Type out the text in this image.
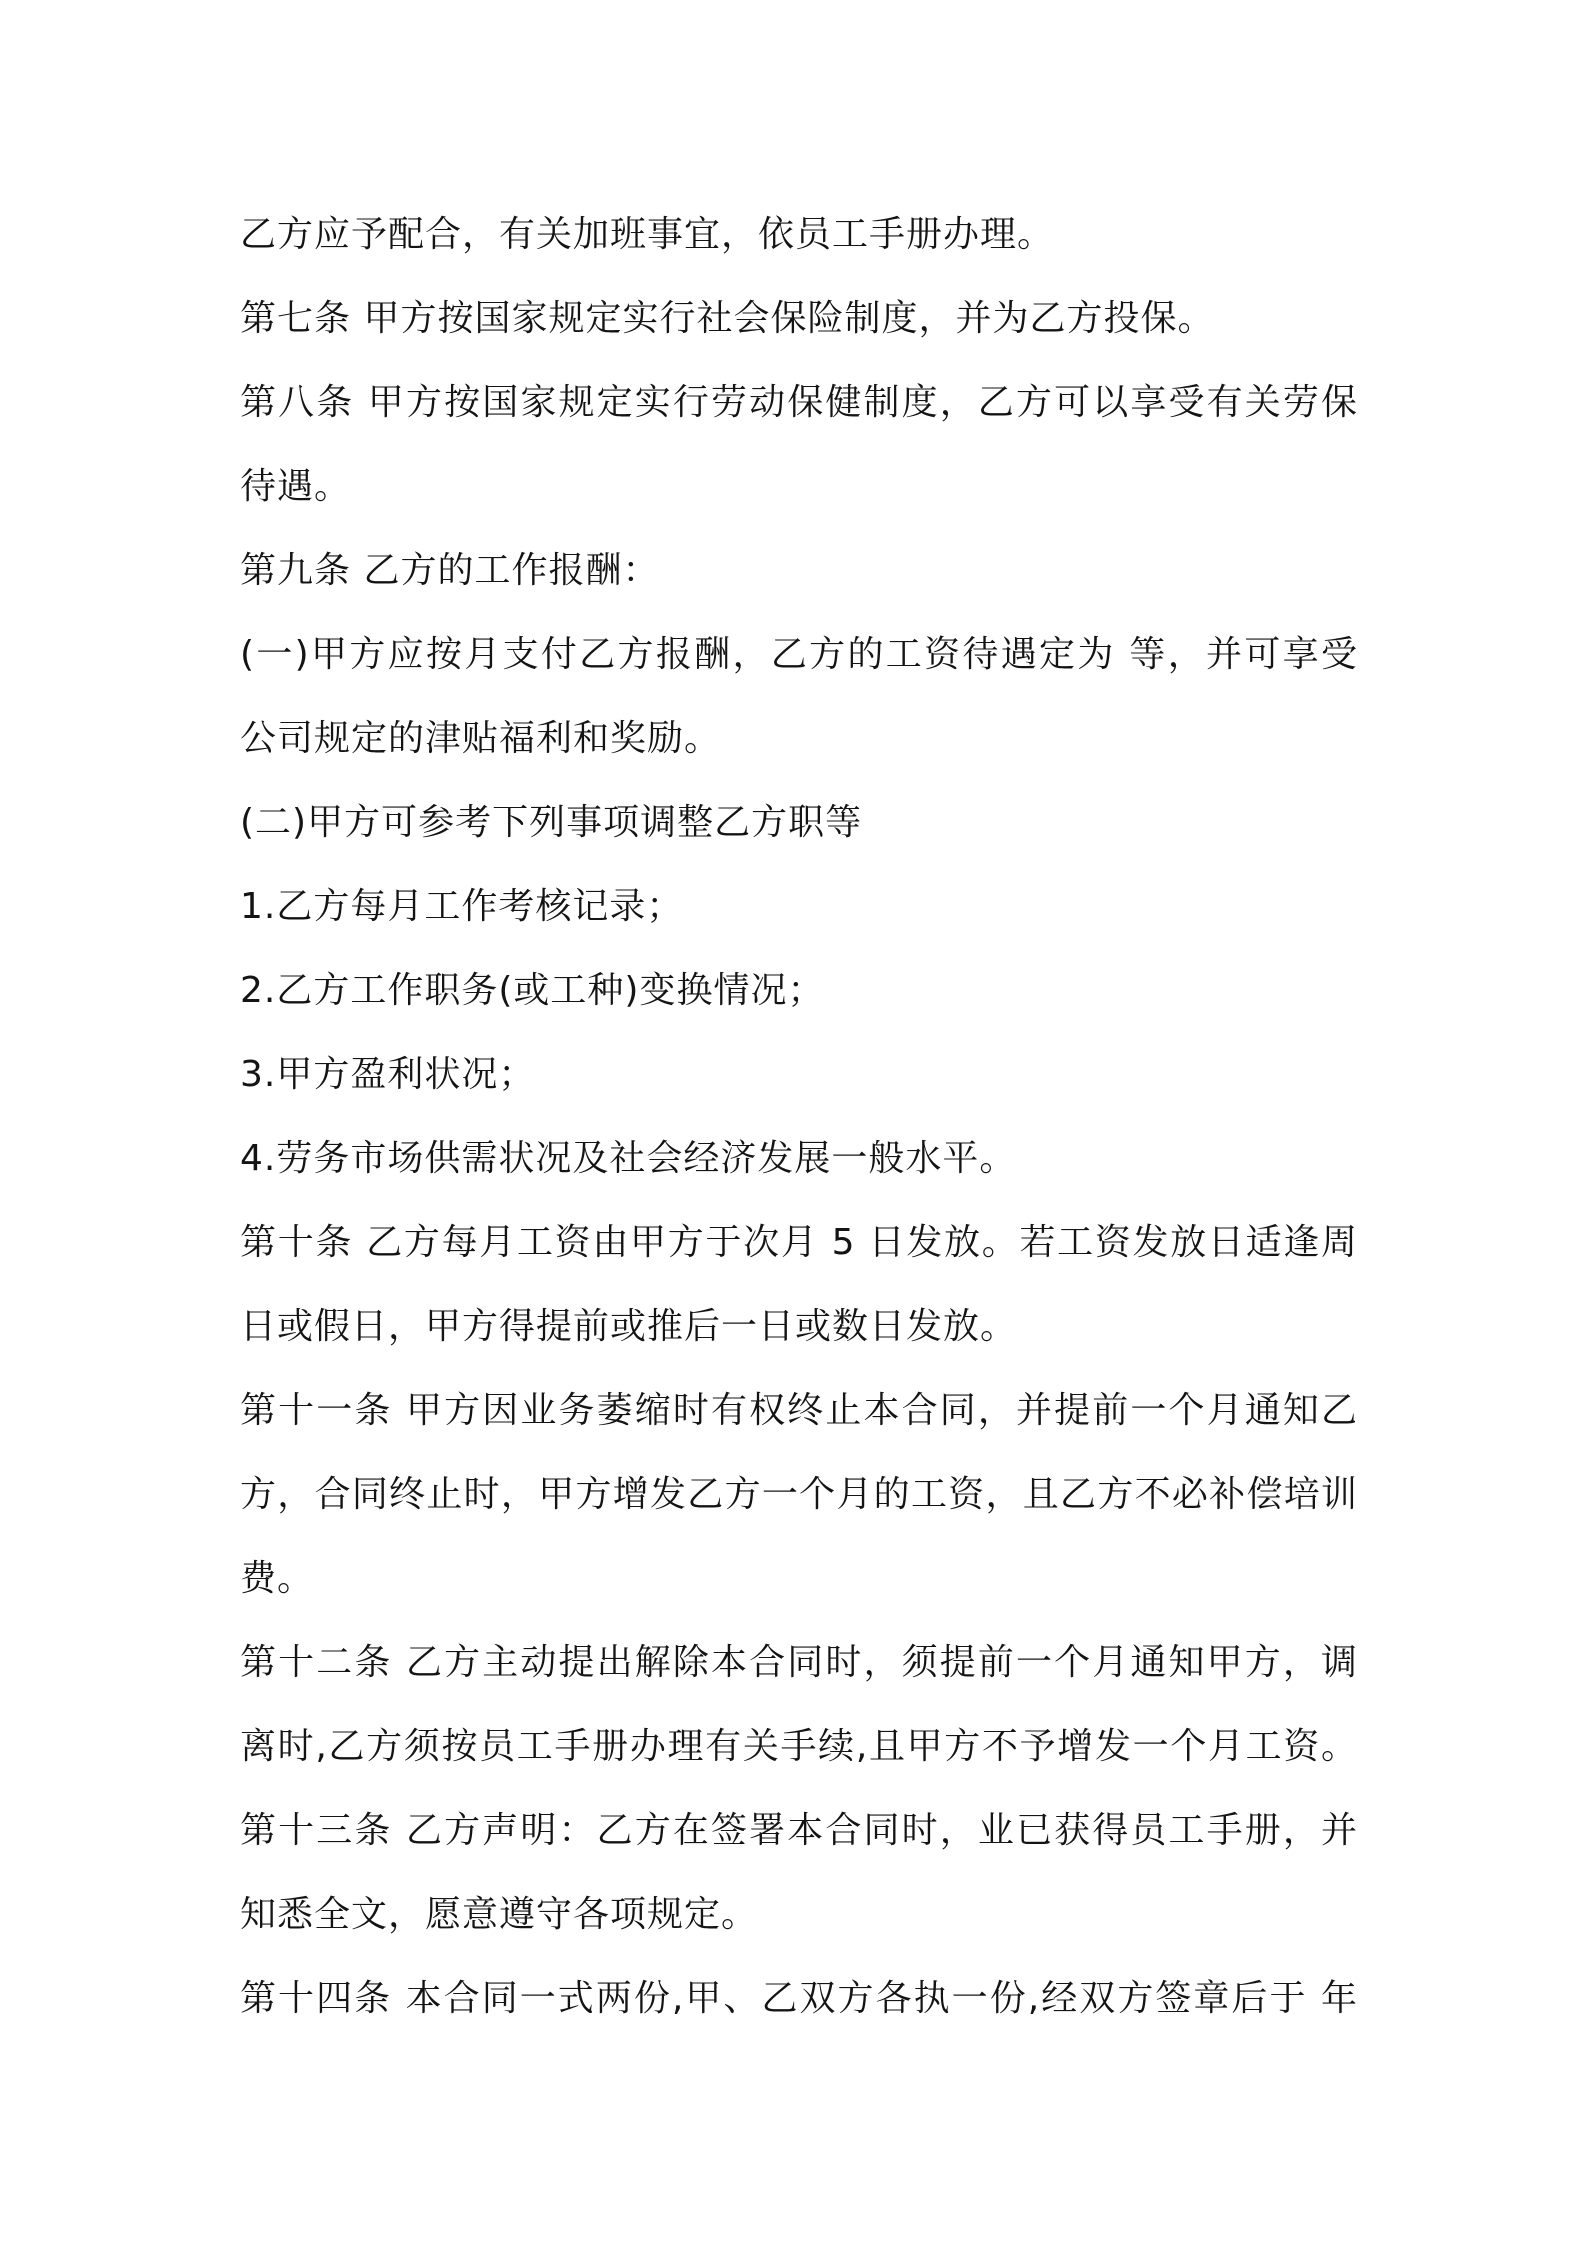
乙方应予配合，有关加班事宜，依员工手册办理。
第七条 甲方按国家规定实行社会保险制度，并为乙方投保。
第八条 甲方按国家规定实行劳动保健制度，乙方可以享受有关劳保
待遇。
第九条 乙方的工作报酬：
(一)甲方应按月支付乙方报酬，乙方的工资待遇定为 等，并可享受
公司规定的津贴福利和奖励。
(二)甲方可参考下列事项调整乙方职等
1.乙方每月工作考核记录；
2.乙方工作职务(或工种)变换情况；
3.甲方盈利状况；
4.劳务市场供需状况及社会经济发展一般水平。
第十条 乙方每月工资由甲方于次月 5 日发放。若工资发放日适逢周
日或假日，甲方得提前或推后一日或数日发放。
第十一条 甲方因业务萎缩时有权终止本合同，并提前一个月通知乙
方，合同终止时，甲方增发乙方一个月的工资，且乙方不必补偿培训
费。
第十二条 乙方主动提出解除本合同时，须提前一个月通知甲方，调
离时,乙方须按员工手册办理有关手续,且甲方不予增发一个月工资。
第十三条 乙方声明：乙方在签署本合同时，业已获得员工手册，并
知悉全文，愿意遵守各项规定。
第十四条 本合同一式两份,甲、乙双方各执一份,经双方签章后于 年
